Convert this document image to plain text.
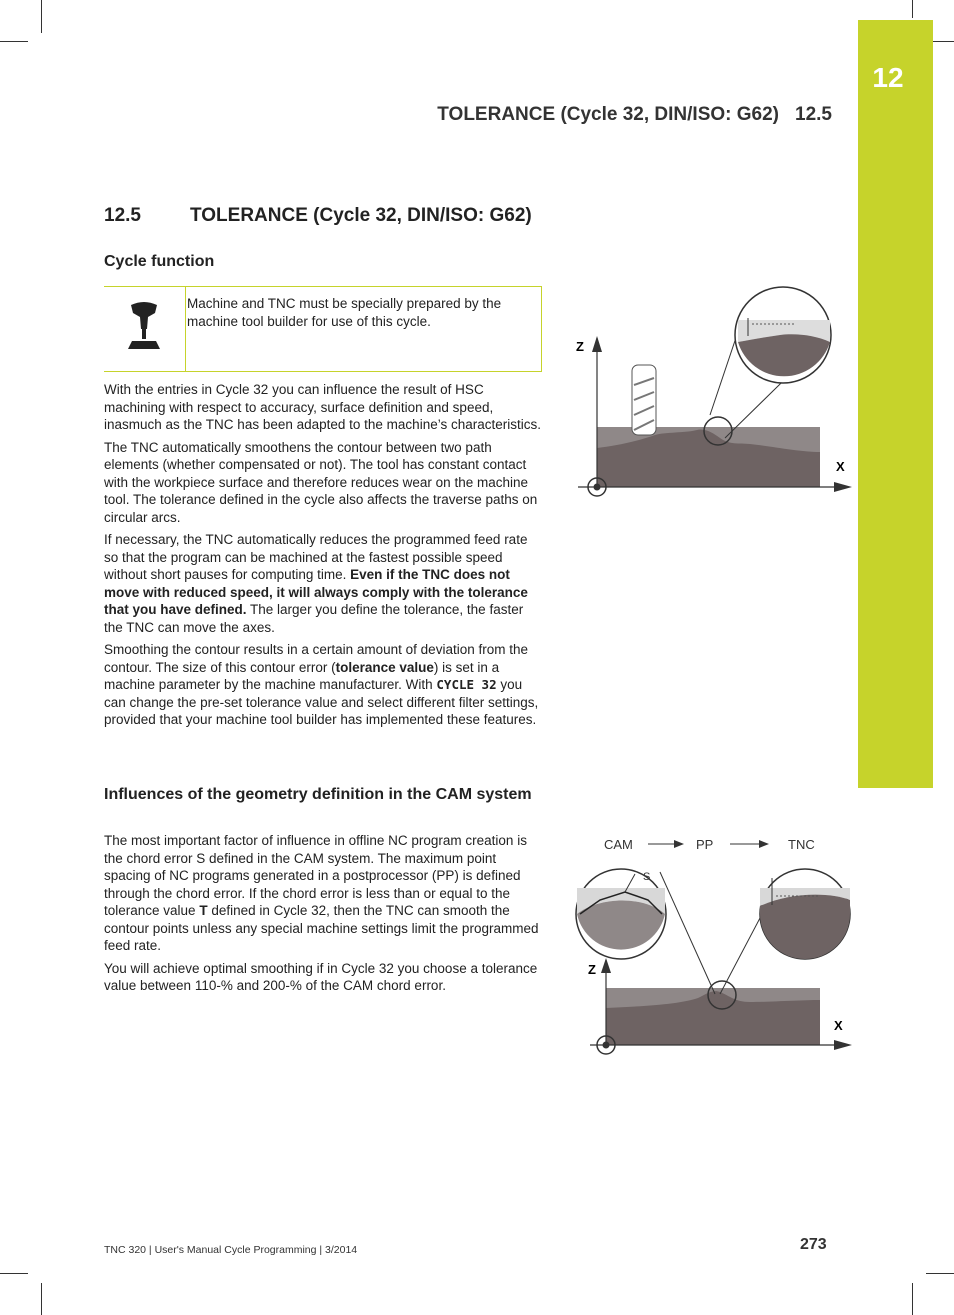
12
TOLERANCE (Cycle 32, DIN/ISO: G62) 12.5
12.5	TOLERANCE (Cycle 32, DIN/ISO: G62)
Cycle function
Machine and TNC must be specially prepared by the machine tool builder for use of this cycle.

With the entries in Cycle 32 you can influence the result of HSC machining with respect to accuracy, surface definition and speed, inasmuch as the TNC has been adapted to the machine’s characteristics.

The TNC automatically smoothens the contour between two path elements (whether compensated or not). The tool has constant contact with the workpiece surface and therefore reduces wear on the machine tool. The tolerance defined in the cycle also affects the traverse paths on circular arcs.

If necessary, the TNC automatically reduces the programmed feed rate so that the program can be machined at the fastest possible speed without short pauses for computing time. Even if the TNC does not move with reduced speed, it will always comply with the tolerance that you have defined. The larger you define the tolerance, the faster the TNC can move the axes.

Smoothing the contour results in a certain amount of deviation from the contour. The size of this contour error (tolerance value) is set in a machine parameter by the machine manufacturer. With CYCLE 32 you can change the pre-set tolerance value and select different filter settings, provided that your machine tool builder has implemented these features.

Influences of the geometry definition in the CAM system

The most important factor of influence in offline NC program creation is the chord error S defined in the CAM system. The maximum point spacing of NC programs generated in a postprocessor (PP) is defined through the chord error. If the chord error is less than or equal to the tolerance value T defined in Cycle 32, then the TNC can smooth the contour points unless any special machine settings limit the programmed feed rate.

You will achieve optimal smoothing if in Cycle 32 you choose a tolerance value between 110-% and 200-% of the CAM chord error.

Z
X
CAM	PP	TNC
S
Z
X
TNC 320 | User's Manual Cycle Programming | 3/2014	273
